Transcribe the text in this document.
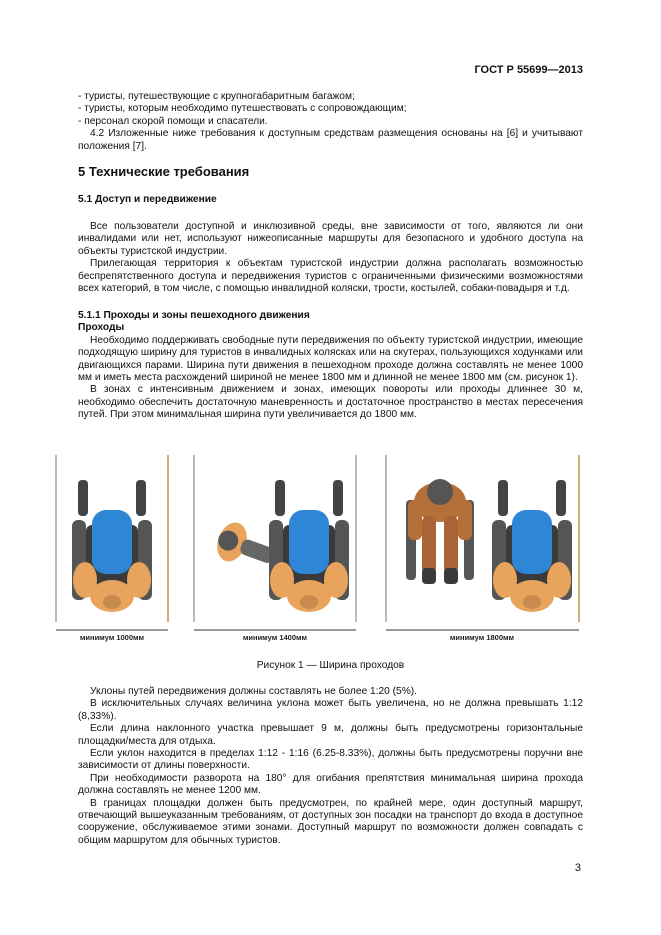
ГОСТ Р 55699—2013

- туристы, путешествующие с крупногабаритным багажом;

- туристы, которым необходимо путешествовать с сопровождающим;

- персонал скорой помощи и спасатели.

4.2 Изложенные ниже требования к доступным средствам размещения основаны на [6] и учитывают положения [7].

5 Технические требования
5.1 Доступ и передвижение

Все пользователи доступной и инклюзивной среды, вне зависимости от того, являются ли они инвалидами или нет, используют нижеописанные маршруты для безопасного и удобного доступа на объекты туристской индустрии.

Прилегающая территория к объектам туристской индустрии должна располагать возможностью беспрепятственного доступа и передвижения туристов с ограниченными физическими возможностями всех категорий, в том числе, с помощью инвалидной коляски, трости, костылей, собаки-повадыря и т.д.

5.1.1 Проходы и зоны пешеходного движения

Проходы

Необходимо поддерживать свободные пути передвижения по объекту туристской индустрии, имеющие подходящую ширину для туристов в инвалидных колясках или на скутерах, пользующихся ходунками или двигающихся парами. Ширина пути движения в пешеходном проходе должна составлять не менее 1000 мм и иметь места расхождений шириной не менее 1800 мм и длинной не менее 1800 мм (см. рисунок 1).

В зонах с интенсивным движением и зонах, имеющих повороты или проходы длиннее 30 м, необходимо обеспечить достаточную маневренность и достаточное пространство в местах пересечения путей. При этом минимальная ширина пути увеличивается до 1800 мм.

минимум 1000мм	минимум 1400мм	минимум 1800мм
Рисунок 1 — Ширина проходов

Уклоны путей передвижения должны составлять не более 1:20 (5%).

В исключительных случаях величина уклона может быть увеличена, но не должна превышать 1:12 (8,33%).

Если длина наклонного участка превышает 9 м, должны быть предусмотрены горизонтальные площадки/места для отдыха.

Если уклон находится в пределах 1:12 - 1:16 (6.25-8.33%), должны быть предусмотрены поручни вне зависимости от длины поверхности.

При необходимости разворота на 180° для огибания препятствия минимальная ширина прохода должна составлять не менее 1200 мм.

В границах площадки должен быть предусмотрен, по крайней мере, один доступный маршрут, отвечающий вышеуказанным требованиям, от доступных зон посадки на транспорт до входа в доступное сооружение, обслуживаемое этими зонами. Доступный маршрут по возможности должен совпадать с общим маршрутом для обычных туристов.

3
